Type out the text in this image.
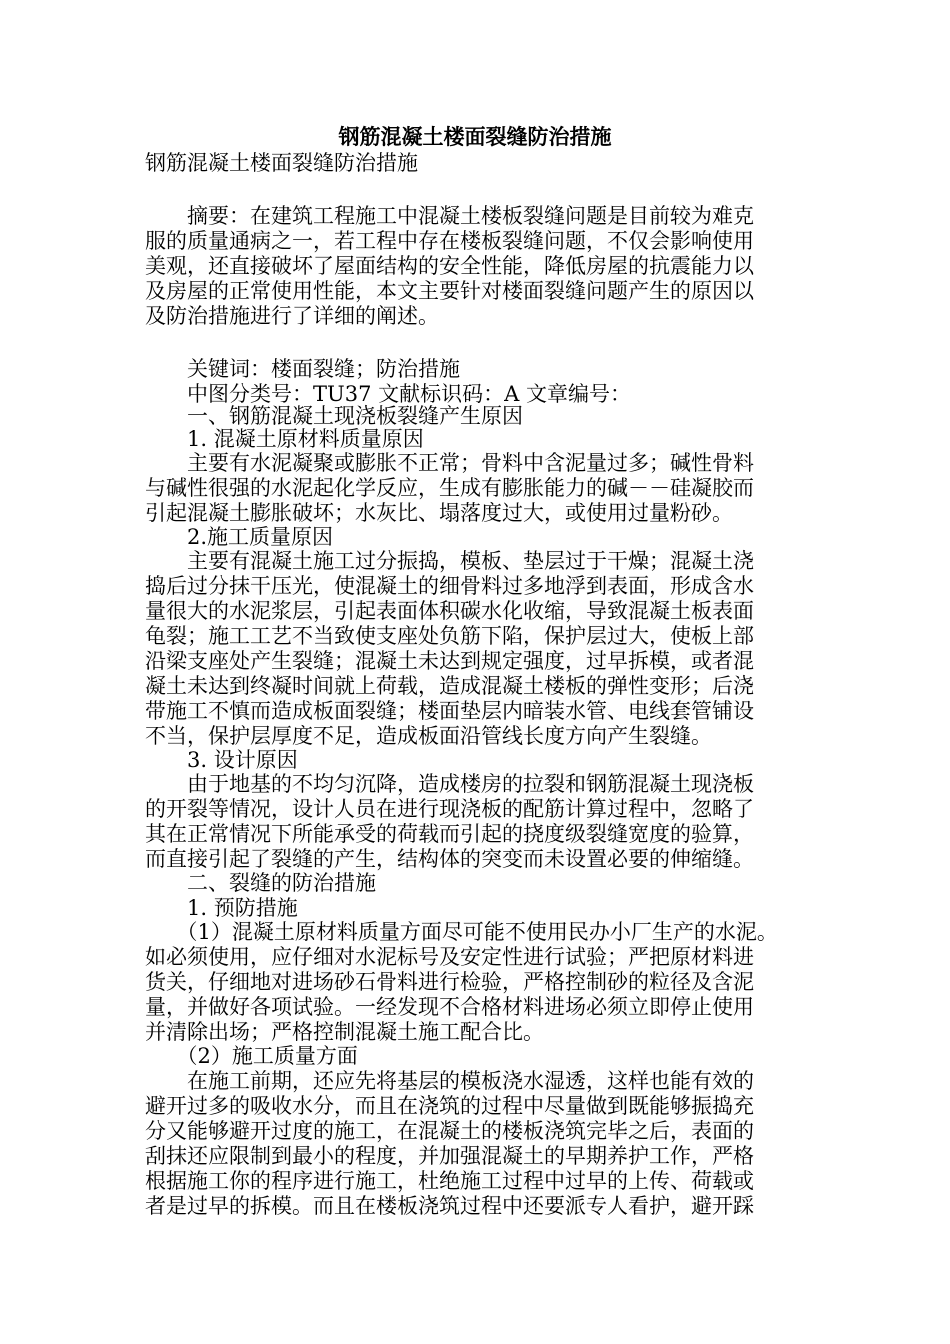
钢筋混凝土楼面裂缝防治措施
钢筋混凝土楼面裂缝防治措施
　　摘要：在建筑工程施工中混凝土楼板裂缝问题是目前较为难克
服的质量通病之一，若工程中存在楼板裂缝问题，不仅会影响使用
美观，还直接破坏了屋面结构的安全性能，降低房屋的抗震能力以
及房屋的正常使用性能，本文主要针对楼面裂缝问题产生的原因以
及防治措施进行了详细的阐述。
　　关键词：楼面裂缝；防治措施
　　中图分类号：TU37 文献标识码：A 文章编号：
　　一、钢筋混凝土现浇板裂缝产生原因
　　1. 混凝土原材料质量原因
　　主要有水泥凝聚或膨胀不正常；骨料中含泥量过多；碱性骨料
与碱性很强的水泥起化学反应，生成有膨胀能力的碱－－硅凝胶而
引起混凝土膨胀破坏；水灰比、塌落度过大，或使用过量粉砂。
　　2.施工质量原因
　　主要有混凝土施工过分振捣，模板、垫层过于干燥；混凝土浇
捣后过分抹干压光，使混凝土的细骨料过多地浮到表面，形成含水
量很大的水泥浆层，引起表面体积碳水化收缩，导致混凝土板表面
龟裂；施工工艺不当致使支座处负筋下陷，保护层过大，使板上部
沿梁支座处产生裂缝；混凝土未达到规定强度，过早拆模，或者混
凝土未达到终凝时间就上荷载，造成混凝土楼板的弹性变形；后浇
带施工不慎而造成板面裂缝；楼面垫层内暗装水管、电线套管铺设
不当，保护层厚度不足，造成板面沿管线长度方向产生裂缝。
　　3. 设计原因
　　由于地基的不均匀沉降，造成楼房的拉裂和钢筋混凝土现浇板
的开裂等情况，设计人员在进行现浇板的配筋计算过程中，忽略了
其在正常情况下所能承受的荷载而引起的挠度级裂缝宽度的验算，
而直接引起了裂缝的产生，结构体的突变而未设置必要的伸缩缝。
　　二、裂缝的防治措施
　　1. 预防措施
　　（1）混凝土原材料质量方面尽可能不使用民办小厂生产的水泥。
如必须使用，应仔细对水泥标号及安定性进行试验；严把原材料进
货关，仔细地对进场砂石骨料进行检验，严格控制砂的粒径及含泥
量，并做好各项试验。一经发现不合格材料进场必须立即停止使用
并清除出场；严格控制混凝土施工配合比。
　　（2）施工质量方面
　　在施工前期，还应先将基层的模板浇水湿透，这样也能有效的
避开过多的吸收水分，而且在浇筑的过程中尽量做到既能够振捣充
分又能够避开过度的施工，在混凝土的楼板浇筑完毕之后，表面的
刮抹还应限制到最小的程度，并加强混凝土的早期养护工作，严格
根据施工你的程序进行施工，杜绝施工过程中过早的上传、荷载或
者是过早的拆模。而且在楼板浇筑过程中还要派专人看护，避开踩
